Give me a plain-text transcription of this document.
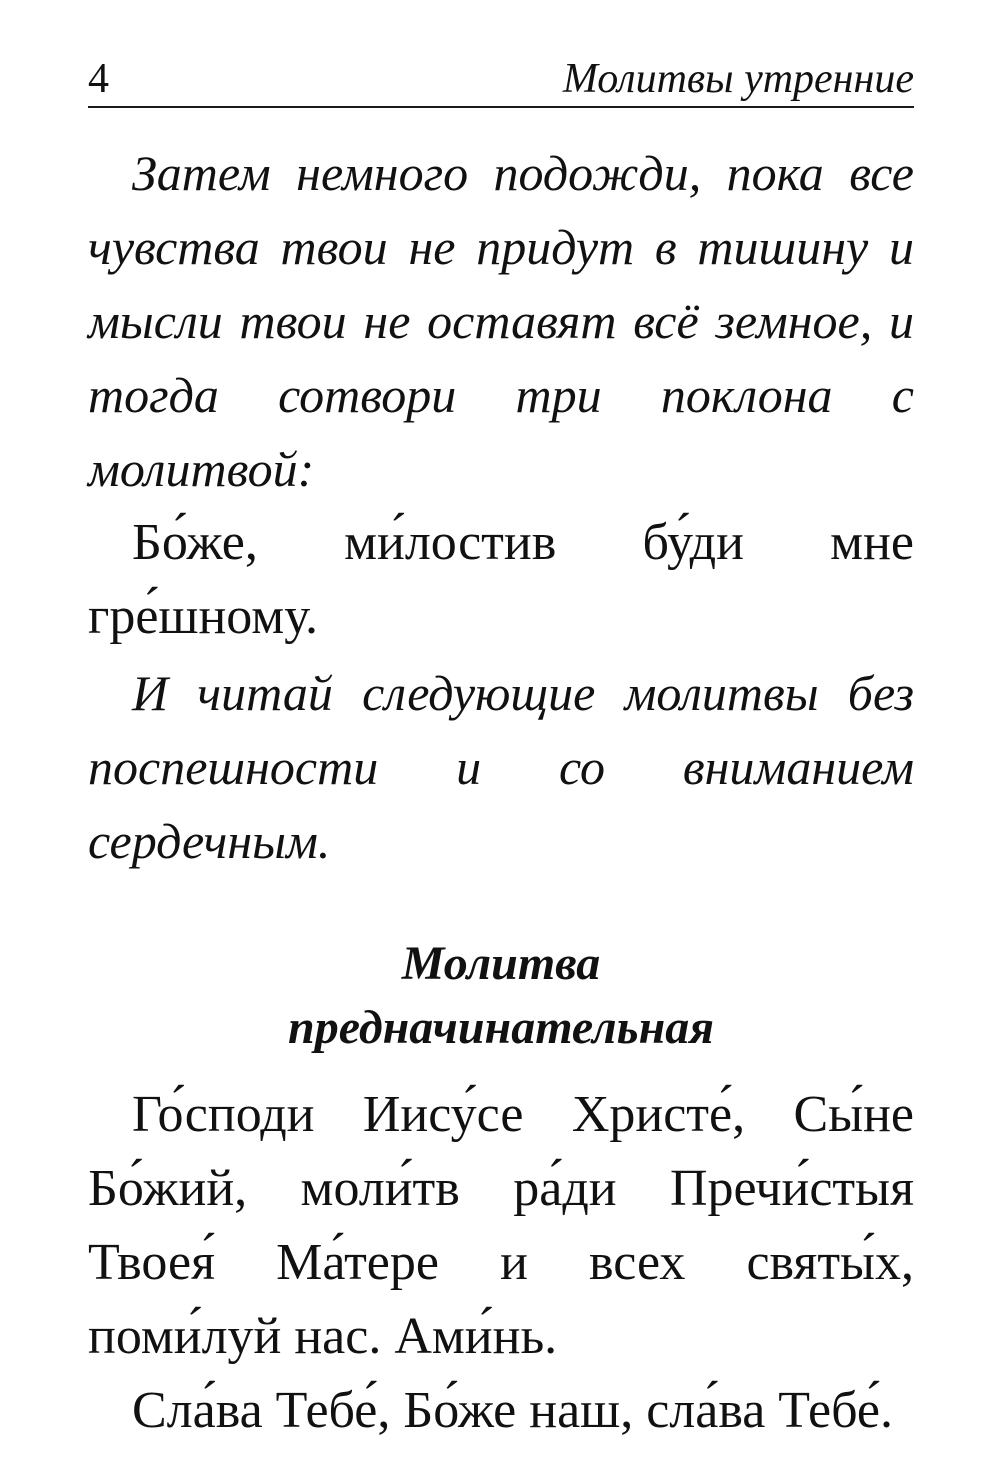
4	Молитвы утренние

Затем немного подожди, пока все чувства твои не придут в тишину и мысли твои не оставят всё земное, и тогда сотвори три поклона с молитвой:

Бо́же, ми́лостив бу́ди мне гре́шному.

И читай следующие молитвы без поспешности и со вниманием сердечным.

Молитва
предначинательная

Го́споди Иису́се Христе́, Сы́не Бо́жий, моли́тв ра́ди Пречи́стыя Твоея́ Ма́тере и всех святы́х, поми́луй нас. Ами́нь.

Сла́ва Тебе́, Бо́же наш, сла́ва Тебе́.
